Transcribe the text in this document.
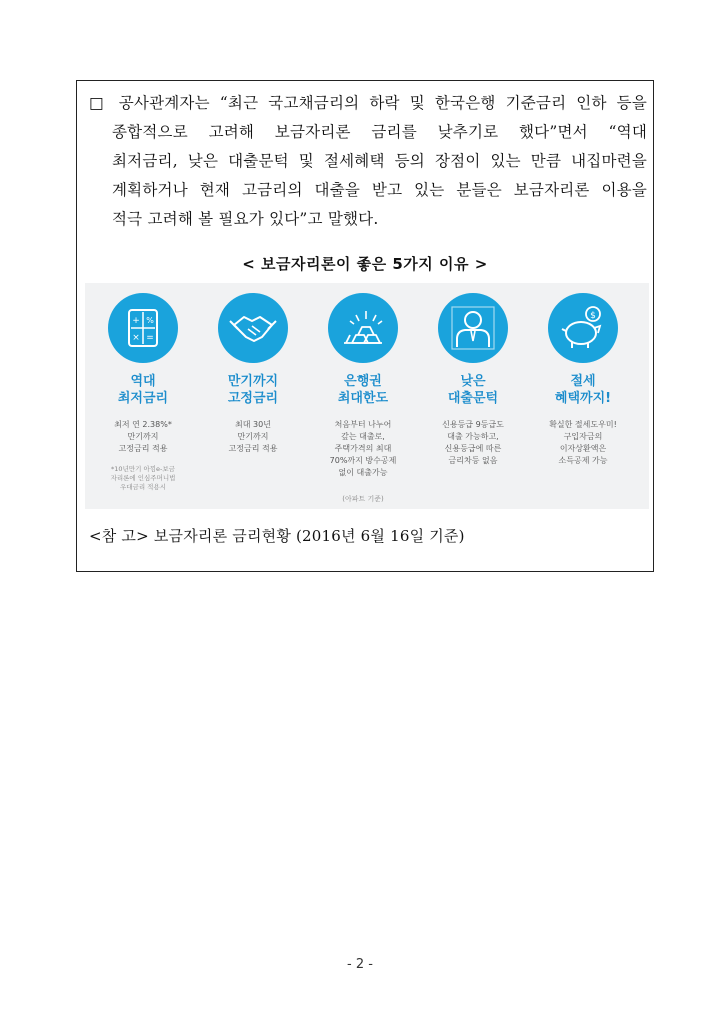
□ 공사관계자는 “최근 국고채금리의 하락 및 한국은행 기준금리 인하 등을
종합적으로 고려해 보금자리론 금리를 낮추기로 했다”면서 “역대
최저금리, 낮은 대출문턱 및 절세혜택 등의 장점이 있는 만큼 내집마련을
계획하거나 현재 고금리의 대출을 받고 있는 분들은 보금자리론 이용을
적극 고려해 볼 필요가 있다”고 말했다.
< 보금자리론이 좋은 5가지 이유 >
+ %
× =
역대
최저금리
최저 연 2.38%*
만기까지
고정금리 적용
*10년만기 아낌e-보금
자리론에 인심주머니법
우대금리 적용시
만기까지
고정금리
최대 30년
만기까지
고정금리 적용
은행권
최대한도
처음부터 나누어
갚는 대출로,
주택가격의 최대
70%까지 방수공제
없이 대출가능
(아파트 기준)
낮은
대출문턱
신용등급 9등급도
대출 가능하고,
신용등급에 따른
금리차등 없음
$
절세
혜택까지!
확실한 절세도우미!
구입자금의
이자상환액은
소득공제 가능
<참 고> 보금자리론 금리현황 (2016년 6월 16일 기준)
- 2 -
